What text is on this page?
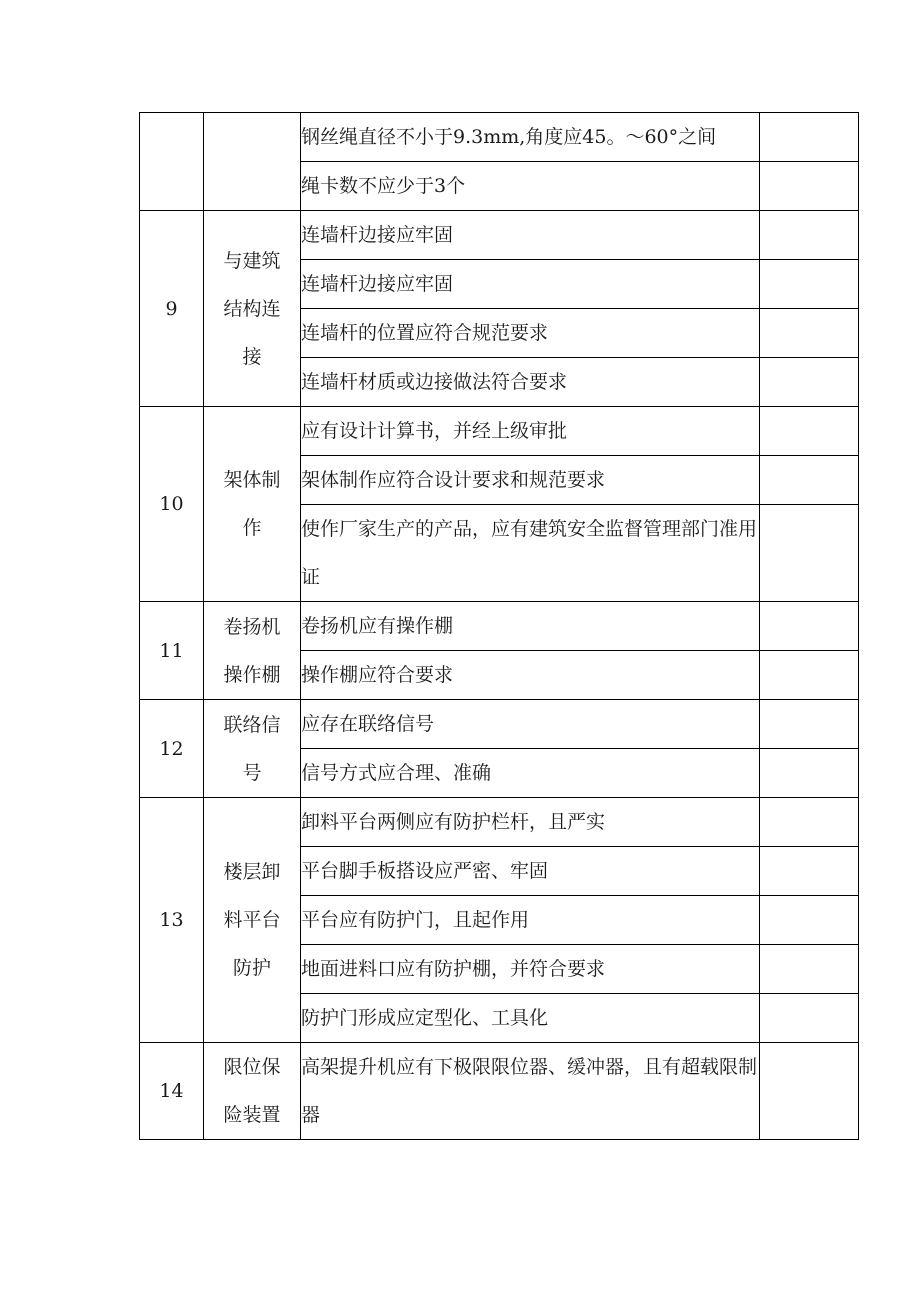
		钢丝绳直径不小于9.3mm,角度应45。～60°之间	
		绳卡数不应少于3个	
9	与建筑结构连接	连墙杆边接应牢固	
		连墙杆边接应牢固	
		连墙杆的位置应符合规范要求	
		连墙杆材质或边接做法符合要求	
10	架体制作	应有设计计算书，并经上级审批	
		架体制作应符合设计要求和规范要求	
		使作厂家生产的产品，应有建筑安全监督管理部门准用证	
11	卷扬机操作棚	卷扬机应有操作棚	
		操作棚应符合要求	
12	联络信号	应存在联络信号	
		信号方式应合理、准确	
13	楼层卸料平台防护	卸料平台两侧应有防护栏杆，且严实	
		平台脚手板搭设应严密、牢固	
		平台应有防护门，且起作用	
		地面进料口应有防护棚，并符合要求	
		防护门形成应定型化、工具化	
14	限位保险装置	高架提升机应有下极限限位器、缓冲器，且有超载限制器	
